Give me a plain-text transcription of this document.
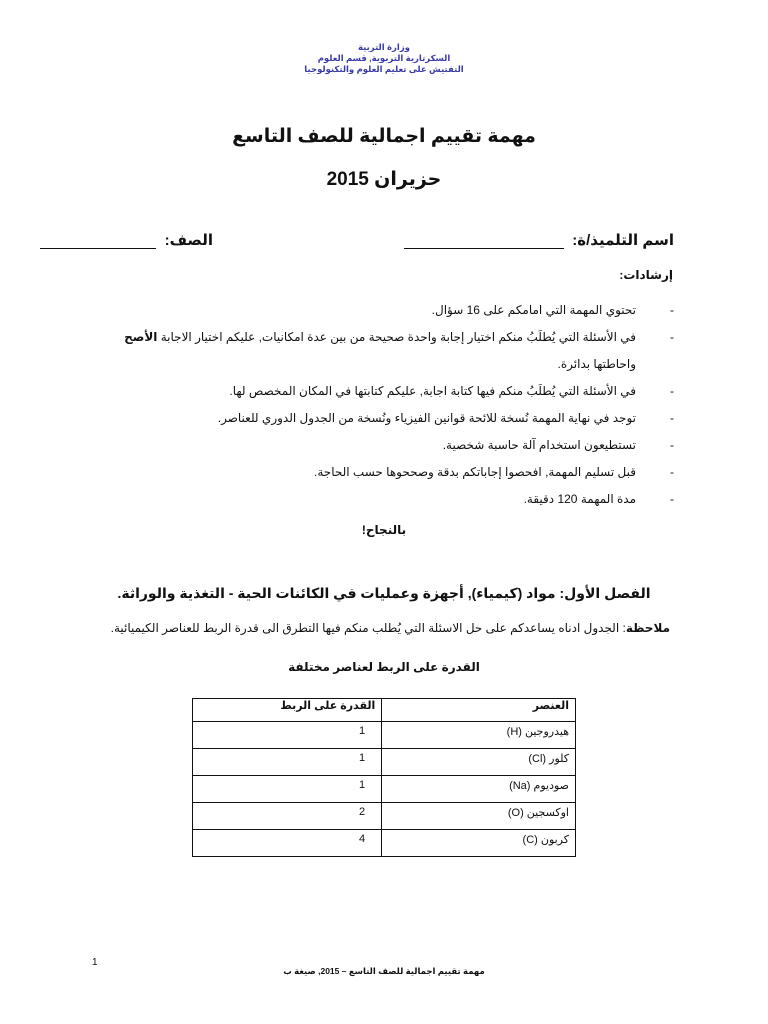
وزارة التربية
السكرتارية التربوية, قسم العلوم
التفتيش على تعليم العلوم والتكنولوجيا
مهمة تقييم اجمالية للصف التاسع
حزيران 2015
اسم التلميذ/ة:
الصف:
إرشادات:
-
تحتوي المهمة التي امامكم على 16 سؤال.
-
في الأسئلة التي يُطلَبُ منكم اختيار إجابة واحدة صحيحة من بين عدة امكانيات, عليكم اختيار الاجابة الأصح
واحاطتها بدائرة.
-
في الأسئلة التي يُطلَبُ منكم فيها كتابة اجابة, عليكم كتابتها في المكان المخصص لها.
-
توجد في نهاية المهمة نُسخة للائحة قوانين الفيزياء ونُسخة من الجدول الدوري للعناصر.
-
تستطيعون استخدام آلة حاسبة شخصية.
-
قبل تسليم المهمة, افحصوا إجاباتكم بدقة وصححوها حسب الحاجة.
-
مدة المهمة 120 دقيقة.
بالنجاح!
الفصل الأول: مواد (كيمياء), أجهزة وعمليات في الكائنات الحية - التغذية والوراثة.
ملاحظة: الجدول ادناه يساعدكم على حل الاسئلة التي يُطلب منكم فيها التطرق الى قدرة الربط للعناصر الكيميائية.
القدرة على الربط لعناصر مختلفة
العنصر	القدرة على الربط
هيدروجين (H)	1
كلور (Cl)	1
صوديوم (Na)	1
اوكسجين (O)	2
كربون (C)	4
1
مهمة تقييم اجمالية للصف التاسع – 2015, صيغة ب
